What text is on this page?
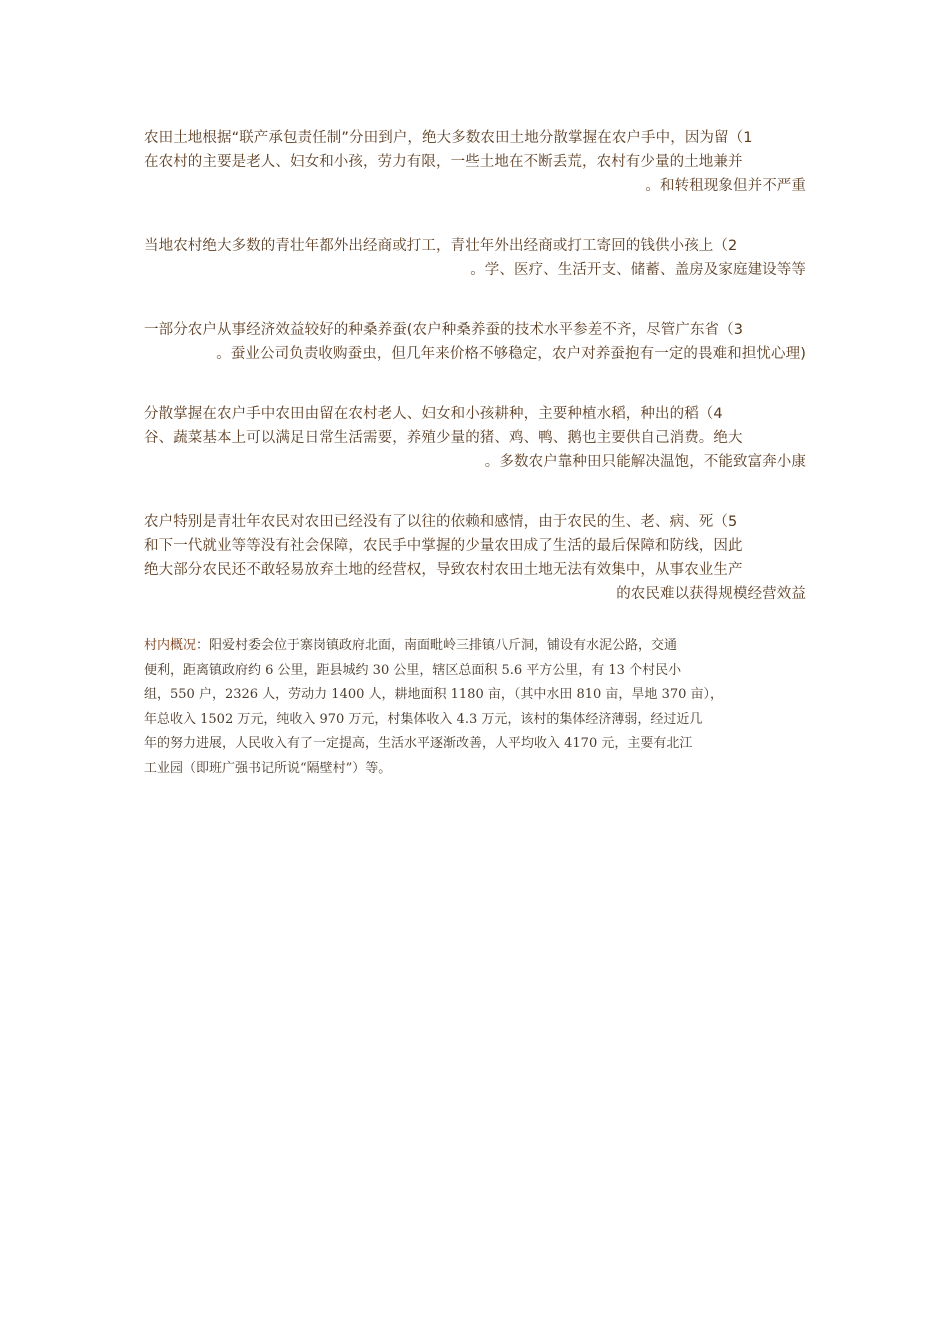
农田土地根据“联产承包责任制”分田到户，绝大多数农田土地分散掌握在农户手中，因为留（1
在农村的主要是老人、妇女和小孩，劳力有限，一些土地在不断丢荒，农村有少量的土地兼并
。和转租现象但并不严重
当地农村绝大多数的青壮年都外出经商或打工，青壮年外出经商或打工寄回的钱供小孩上（2
。学、医疗、生活开支、储蓄、盖房及家庭建设等等
一部分农户从事经济效益较好的种桑养蚕(农户种桑养蚕的技术水平参差不齐，尽管广东省（3
。蚕业公司负责收购蚕虫，但几年来价格不够稳定，农户对养蚕抱有一定的畏难和担忧心理)
分散掌握在农户手中农田由留在农村老人、妇女和小孩耕种，主要种植水稻，种出的稻（4
谷、蔬菜基本上可以满足日常生活需要，养殖少量的猪、鸡、鸭、鹅也主要供自己消费。绝大
。多数农户靠种田只能解决温饱，不能致富奔小康
农户特别是青壮年农民对农田已经没有了以往的依赖和感情，由于农民的生、老、病、死（5
和下一代就业等等没有社会保障，农民手中掌握的少量农田成了生活的最后保障和防线，因此
绝大部分农民还不敢轻易放弃土地的经营权，导致农村农田土地无法有效集中，从事农业生产
的农民难以获得规模经营效益
村内概况：阳爱村委会位于寨岗镇政府北面，南面毗岭三排镇八斤洞，铺设有水泥公路，交通
便利，距离镇政府约 6 公里，距县城约 30 公里，辖区总面积 5.6 平方公里，有 13 个村民小
组，550 户，2326 人，劳动力 1400 人，耕地面积 1180 亩，（其中水田 810 亩，旱地 370 亩），
年总收入 1502 万元，纯收入 970 万元，村集体收入 4.3 万元，该村的集体经济薄弱，经过近几
年的努力进展，人民收入有了一定提高，生活水平逐渐改善，人平均收入 4170 元，主要有北江
工业园（即班广强书记所说“隔壁村”）等。
